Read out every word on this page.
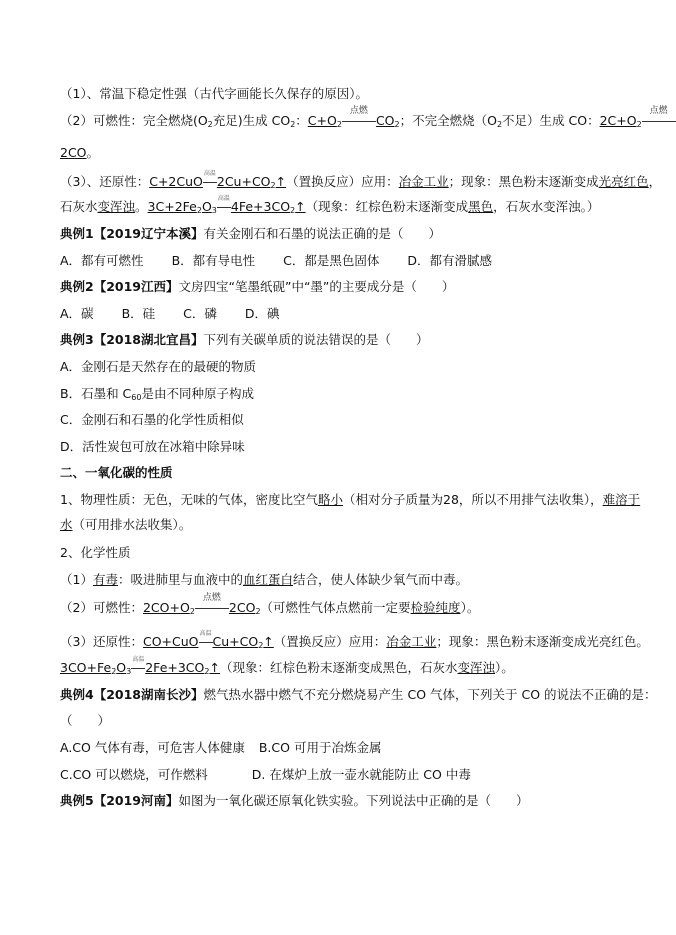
（1）、常温下稳定性强（古代字画能长久保存的原因）。
（2）可燃性：完全燃烧($O_2$充足)生成 $CO_2$：$C+O_2$
点燃
$CO_2$；不完全燃烧（$O_2$不足）生成 CO：$2C+O_2$
点燃
2CO。
（3）、还原性：C+2CuO
高温
$2Cu+CO_2↑$（置换反应）应用：冶金工业；现象：黑色粉末逐渐变成光亮红色，
石灰水变浑浊。$3C+2Fe_2O_3$
高温
$4Fe+3CO_2↑$（现象：红棕色粉末逐渐变成黑色，石灰水变浑浊。）
典例1【2019辽宁本溪】有关金刚石和石墨的说法正确的是（　　）
A．都有可燃性 B．都有导电性 C．都是黑色固体 D．都有滑腻感
典例2【2019江西】文房四宝“笔墨纸砚”中“墨”的主要成分是（　　）
A．碳 B．硅 C．磷 D．碘
典例3【2018湖北宜昌】下列有关碳单质的说法错误的是（　　）
A．金刚石是天然存在的最硬的物质
B．石墨和 $C_{60}$是由不同种原子构成
C．金刚石和石墨的化学性质相似
D．活性炭包可放在冰箱中除异味
二、一氧化碳的性质
1、物理性质：无色，无味的气体，密度比空气略小（相对分子质量为28，所以不用排气法收集），难溶于
水（可用排水法收集）。
2、化学性质
（1）有毒：吸进肺里与血液中的血红蛋白结合，使人体缺少氧气而中毒。
（2）可燃性：$2CO+O_2$
点燃
$2CO_2$（可燃性气体点燃前一定要检验纯度）。
（3）还原性：CO+CuO
高温
$Cu+CO_2↑$（置换反应）应用：冶金工业；现象：黑色粉末逐渐变成光亮红色。
$3CO+Fe_2O_3$
高温
$2Fe+3CO_2↑$（现象：红棕色粉末逐渐变成黑色，石灰水变浑浊）。
典例4【2018湖南长沙】燃气热水器中燃气不充分燃烧易产生 CO 气体，下列关于 CO 的说法不正确的是：
（　　）
A.CO 气体有毒，可危害人体健康 B.CO 可用于冶炼金属
C.CO 可以燃烧，可作燃料	D. 在煤炉上放一壶水就能防止 CO 中毒
典例5【2019河南】如图为一氧化碳还原氧化铁实验。下列说法中正确的是（　　）
